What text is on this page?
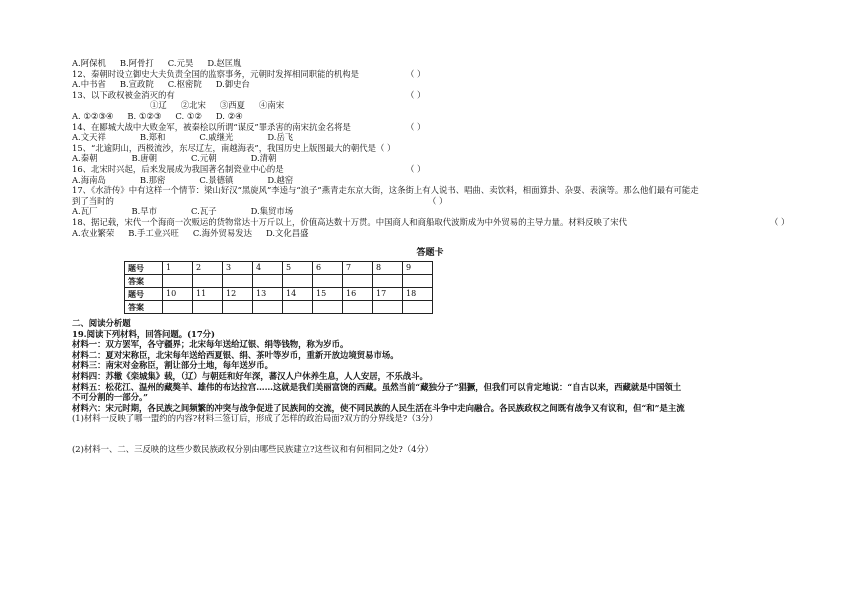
A.阿保机 B.阿骨打 C.元昊 D.赵匡胤
12、秦朝时设立御史大夫负责全国的监察事务，元朝时发挥相同职能的机构是	（ ）
A.中书省 B.宣政院 C.枢密院 D.御史台
13、以下政权被金消灭的有	（ ）
①辽 ②北宋 ③西夏 ④南宋
A. ①②③④ B. ①②③ C. ①② D. ②④
14、在郾城大战中大败金军，被秦桧以所谓“谋反”罪杀害的南宋抗金名将是	（ ）
A.文天祥	B.郑和	C.戚继光	D.岳飞
15、“北逾阴山，西极流沙，东尽辽左，南越海表”，我国历史上版图最大的朝代是（ ）
A.秦朝	B.唐朝	C.元朝	D.清朝
16、北宋时兴起，后来发展成为我国著名制瓷业中心的是	（ ）
A.海南岛	B.那密	C.景德镇	D.越窑
17、《水浒传》中有这样一个情节：梁山好汉“黑旋风”李逵与“浪子”燕青走东京大街，这条街上有人说书、唱曲、卖饮料，相面算卦、杂耍、表演等。那么他们最有可能走
到了当时的	（ ）
A.瓦厂	B.早市	C.瓦子	D.集贸市场
18、据记载，宋代一个海商一次贩运的货物常达十万斤以上，价值高达数十万贯。中国商人和商船取代波斯成为中外贸易的主导力量。材料反映了宋代	（ ）
A.农业繁荣 B.手工业兴旺 C.海外贸易发达 D.文化昌盛
答题卡
题号	1	2	3	4	5	6	7	8	9
答案									
题号	10	11	12	13	14	15	16	17	18
答案									
二、阅读分析题
19.阅读下列材料，回答问题。(17分)
材料一：双方罢军，各守疆界；北宋每年送给辽银、绢等钱物，称为岁币。
材料二：夏对宋称臣，北宋每年送给西夏银、绢、茶叶等岁币，重新开放边境贸易市场。
材料三：南宋对金称臣，割让部分土地，每年送岁币。
材料四：苏辙《栾城集》载，（辽）与朝廷和好年深，蕃汉人户休养生息，人人安居，不乐战斗。
材料五：松花江、温州的藏獒羊、雄伟的布达拉宫……这就是我们美丽富饶的西藏。虽然当前“藏独分子”猖獗，但我们可以肯定地说：“自古以来，西藏就是中国领土
不可分割的一部分。”
材料六：宋元时期，各民族之间频繁的冲突与战争促进了民族间的交流，使不同民族的人民生活在斗争中走向融合。各民族政权之间既有战争又有议和，但“和”是主流
(1)材料一反映了哪一盟约的内容?材料三签订后，形成了怎样的政治局面?双方的分界线是?（3分）
(2)材料一、二、三反映的这些少数民族政权分别由哪些民族建立?这些议和有何相同之处?（4分）
